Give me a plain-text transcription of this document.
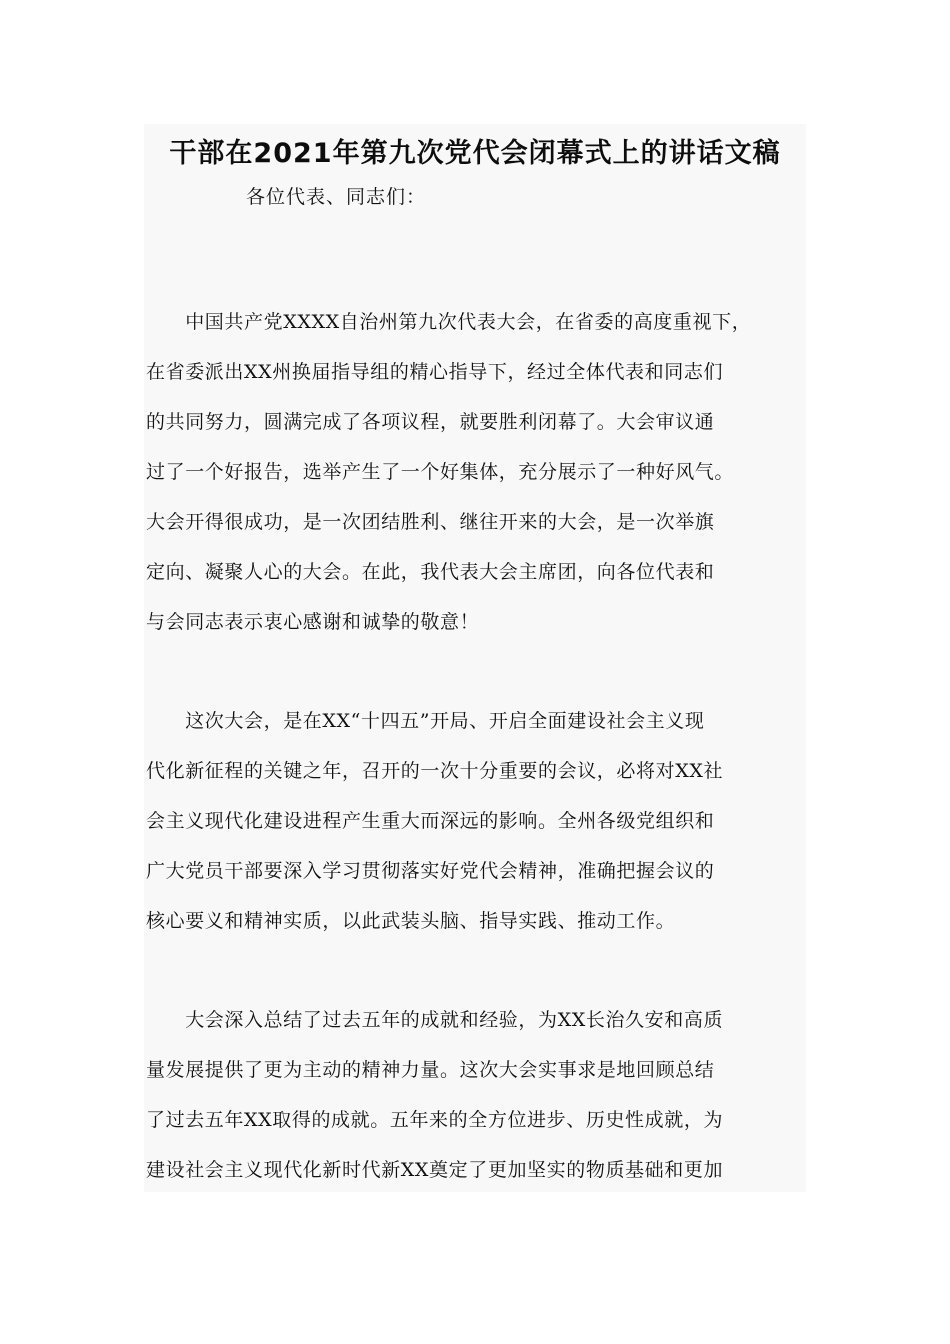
干部在2021年第九次党代会闭幕式上的讲话文稿
各位代表、同志们：
　　中国共产党XXXX自治州第九次代表大会，在省委的高度重视下，
在省委派出XX州换届指导组的精心指导下，经过全体代表和同志们
的共同努力，圆满完成了各项议程，就要胜利闭幕了。大会审议通
过了一个好报告，选举产生了一个好集体，充分展示了一种好风气。
大会开得很成功，是一次团结胜利、继往开来的大会，是一次举旗
定向、凝聚人心的大会。在此，我代表大会主席团，向各位代表和
与会同志表示衷心感谢和诚挚的敬意！
　　这次大会，是在XX“十四五”开局、开启全面建设社会主义现
代化新征程的关键之年，召开的一次十分重要的会议，必将对XX社
会主义现代化建设进程产生重大而深远的影响。全州各级党组织和
广大党员干部要深入学习贯彻落实好党代会精神，准确把握会议的
核心要义和精神实质，以此武装头脑、指导实践、推动工作。
　　大会深入总结了过去五年的成就和经验，为XX长治久安和高质
量发展提供了更为主动的精神力量。这次大会实事求是地回顾总结
了过去五年XX取得的成就。五年来的全方位进步、历史性成就，为
建设社会主义现代化新时代新XX奠定了更加坚实的物质基础和更加
